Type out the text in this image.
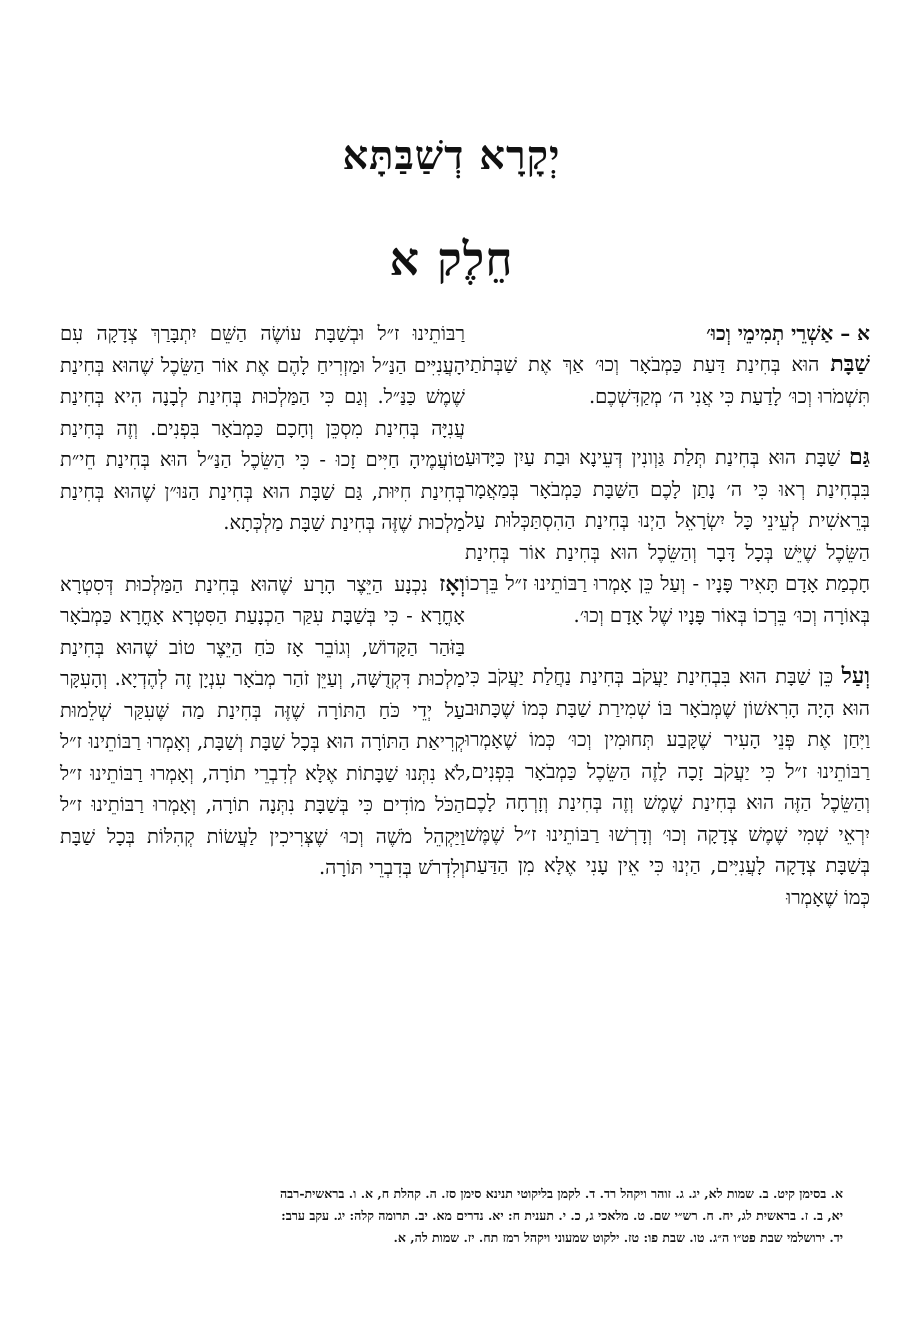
יְקָרָא דְשַׁבַּתָּא
חֵלֶק א

א – אַשְׁרֵי תְמִימֵי וְכוּ׳

שַׁבָּת הוּא בְּחִינַת דַּעַת כַּמְבֹאָר וְכוּ׳ אַךְ אֶת שַׁבְּתֹתַי תִּשְׁמֹרוּ וְכוּ׳ לָדַעַת כִּי אֲנִי ה׳ מְקַדִּשְׁכֶם.

גַּם שַׁבָּת הוּא בְּחִינַת תְּלַת גַּוְונִין דְּעֵינָא וּבַת עַיִן כַּיָּדוּעַ בִּבְחִינַת רְאוּ כִּי ה׳ נָתַן לָכֶם הַשַּׁבָּת כַּמְבֹאָר בְּמַאֲמָר בְּרֵאשִׁית לְעֵינֵי כָּל יִשְׂרָאֵל הַיְנוּ בְּחִינַת הַהִסְתַּכְּלוּת עַל הַשֵּׂכֶל שֶׁיֵּשׁ בְּכָל דָּבָר וְהַשֵּׂכֶל הוּא בְּחִינַת אוֹר בְּחִינַת חָכְמַת אָדָם תָּאִיר פָּנָיו - וְעַל כֵּן אָמְרוּ רַבּוֹתֵינוּ ז״ל בֵּרְכוֹ בְּאוֹרָה וְכוּ׳ בֵּרְכוֹ בְּאוֹר פָּנָיו שֶׁל אָדָם וְכוּ׳.

וְעַל כֵּן שַׁבָּת הוּא בִּבְחִינַת יַעֲקֹב בְּחִינַת נַחֲלַת יַעֲקֹב כִּי הוּא הָיָה הָרִאשׁוֹן שֶׁמְּבֹאָר בּוֹ שְׁמִירַת שַׁבָּת כְּמוֹ שֶׁכָּתוּב וַיִּחַן אֶת פְּנֵי הָעִיר שֶׁקָּבַע תְּחוּמִין וְכוּ׳ כְּמוֹ שֶׁאָמְרוּ רַבּוֹתֵינוּ ז״ל כִּי יַעֲקֹב זָכָה לָזֶה הַשֵּׂכֶל כַּמְבֹאָר בִּפְנִים, וְהַשֵּׂכֶל הַזֶּה הוּא בְּחִינַת שֶׁמֶשׁ וְזֶה בְּחִינַת וְזָרְחָה לָכֶם יִרְאֵי שְׁמִי שֶׁמֶשׁ צְדָקָה וְכוּ׳ וְדָרְשׁוּ רַבּוֹתֵינוּ ז״ל שֶׁמֶּשׁ בְּשַׁבָּת צְדָקָה לָעֲנִיִּים, הַיְנוּ כִּי אֵין עָנִי אֶלָּא מִן הַדַּעַת כְּמוֹ שֶׁאָמְרוּ

רַבּוֹתֵינוּ ז״ל וּבְשַׁבָּת עוֹשֶׂה הַשֵּׁם יִתְבָּרַךְ צְדָקָה עִם הָעֲנִיִּים הַנַּ״ל וּמַזְרִיחַ לָהֶם אֶת אוֹר הַשֵּׂכֶל שֶׁהוּא בְּחִינַת שֶׁמֶשׁ כַּנַּ״ל. וְגַם כִּי הַמַּלְכוּת בְּחִינַת לְבָנָה הִיא בְּחִינַת עֲנִיָּה בְּחִינַת מִסְכֵּן וְחָכָם כַּמְבֹאָר בִּפְנִים. וְזֶה בְּחִינַת טוֹעֲמֶיהָ חַיִּים זָכוּ - כִּי הַשֵּׂכֶל הַנַּ״ל הוּא בְּחִינַת חֵי״ת בְּחִינַת חִיּוּת, גַּם שַׁבָּת הוּא בְּחִינַת הַנּוּ״ן שֶׁהוּא בְּחִינַת מַלְכוּת שֶׁזֶּה בְּחִינַת שַׁבָּת מַלְכְּתָא.

וְאָז נִכְנָע הַיֵּצֶר הָרָע שֶׁהוּא בְּחִינַת הַמַּלְכוּת דְּסִטְרָא אָחֳרָא - כִּי בְּשַׁבָּת עִקַּר הַכְנָעַת הַסִּטְרָא אָחֳרָא כַּמְבֹאָר בַּזֹּהַר הַקָּדוֹשׁ, וְגוֹבֵר אָז כֹּחַ הַיֵּצֶר טוֹב שֶׁהוּא בְּחִינַת מַלְכוּת דִּקְדֻשָּׁה, וְעַיֵּן זֹהַר מְבֹאָר עִנְיָן זֶה לְהֶדְיָא. וְהָעִקָּר עַל יְדֵי כֹּחַ הַתּוֹרָה שֶׁזֶּה בְּחִינַת מַה שֶּׁעִקַּר שְׁלֵמוּת קְרִיאַת הַתּוֹרָה הוּא בְּכָל שַׁבָּת וְשַׁבָּת, וְאָמְרוּ רַבּוֹתֵינוּ ז״ל לֹא נִתְּנוּ שַׁבָּתוֹת אֶלָּא לְדִבְרֵי תוֹרָה, וְאָמְרוּ רַבּוֹתֵינוּ ז״ל הַכֹּל מוֹדִים כִּי בְּשַׁבָּת נִתְּנָה תוֹרָה, וְאָמְרוּ רַבּוֹתֵינוּ ז״ל וַיַּקְהֵל מֹשֶׁה וְכוּ׳ שֶׁצְּרִיכִין לַעֲשׂוֹת קְהִלּוֹת בְּכָל שַׁבָּת וְלִדְרֹשׁ בְּדִבְרֵי תּוֹרָה.

א. בסימן קיט. ב. שמות לא, יג. ג. זוהר ויקהל רד. ד. לקמן בליקוטי תנינא סימן סז. ה. קהלת ח, א. ו. בראשית-רבה
יא, ב. ז. בראשית לג, יח. ח. רש״י שם. ט. מלאכי ג, כ. י. תענית ח: יא. נדרים מא. יב. תרומה קלה: יג. עקב ערב:
יד. ירושלמי שבת פט״ו ה״ג. טו. שבת פו: טז. ילקוט שמעוני ויקהל רמז תח. יז. שמות לה, א.
